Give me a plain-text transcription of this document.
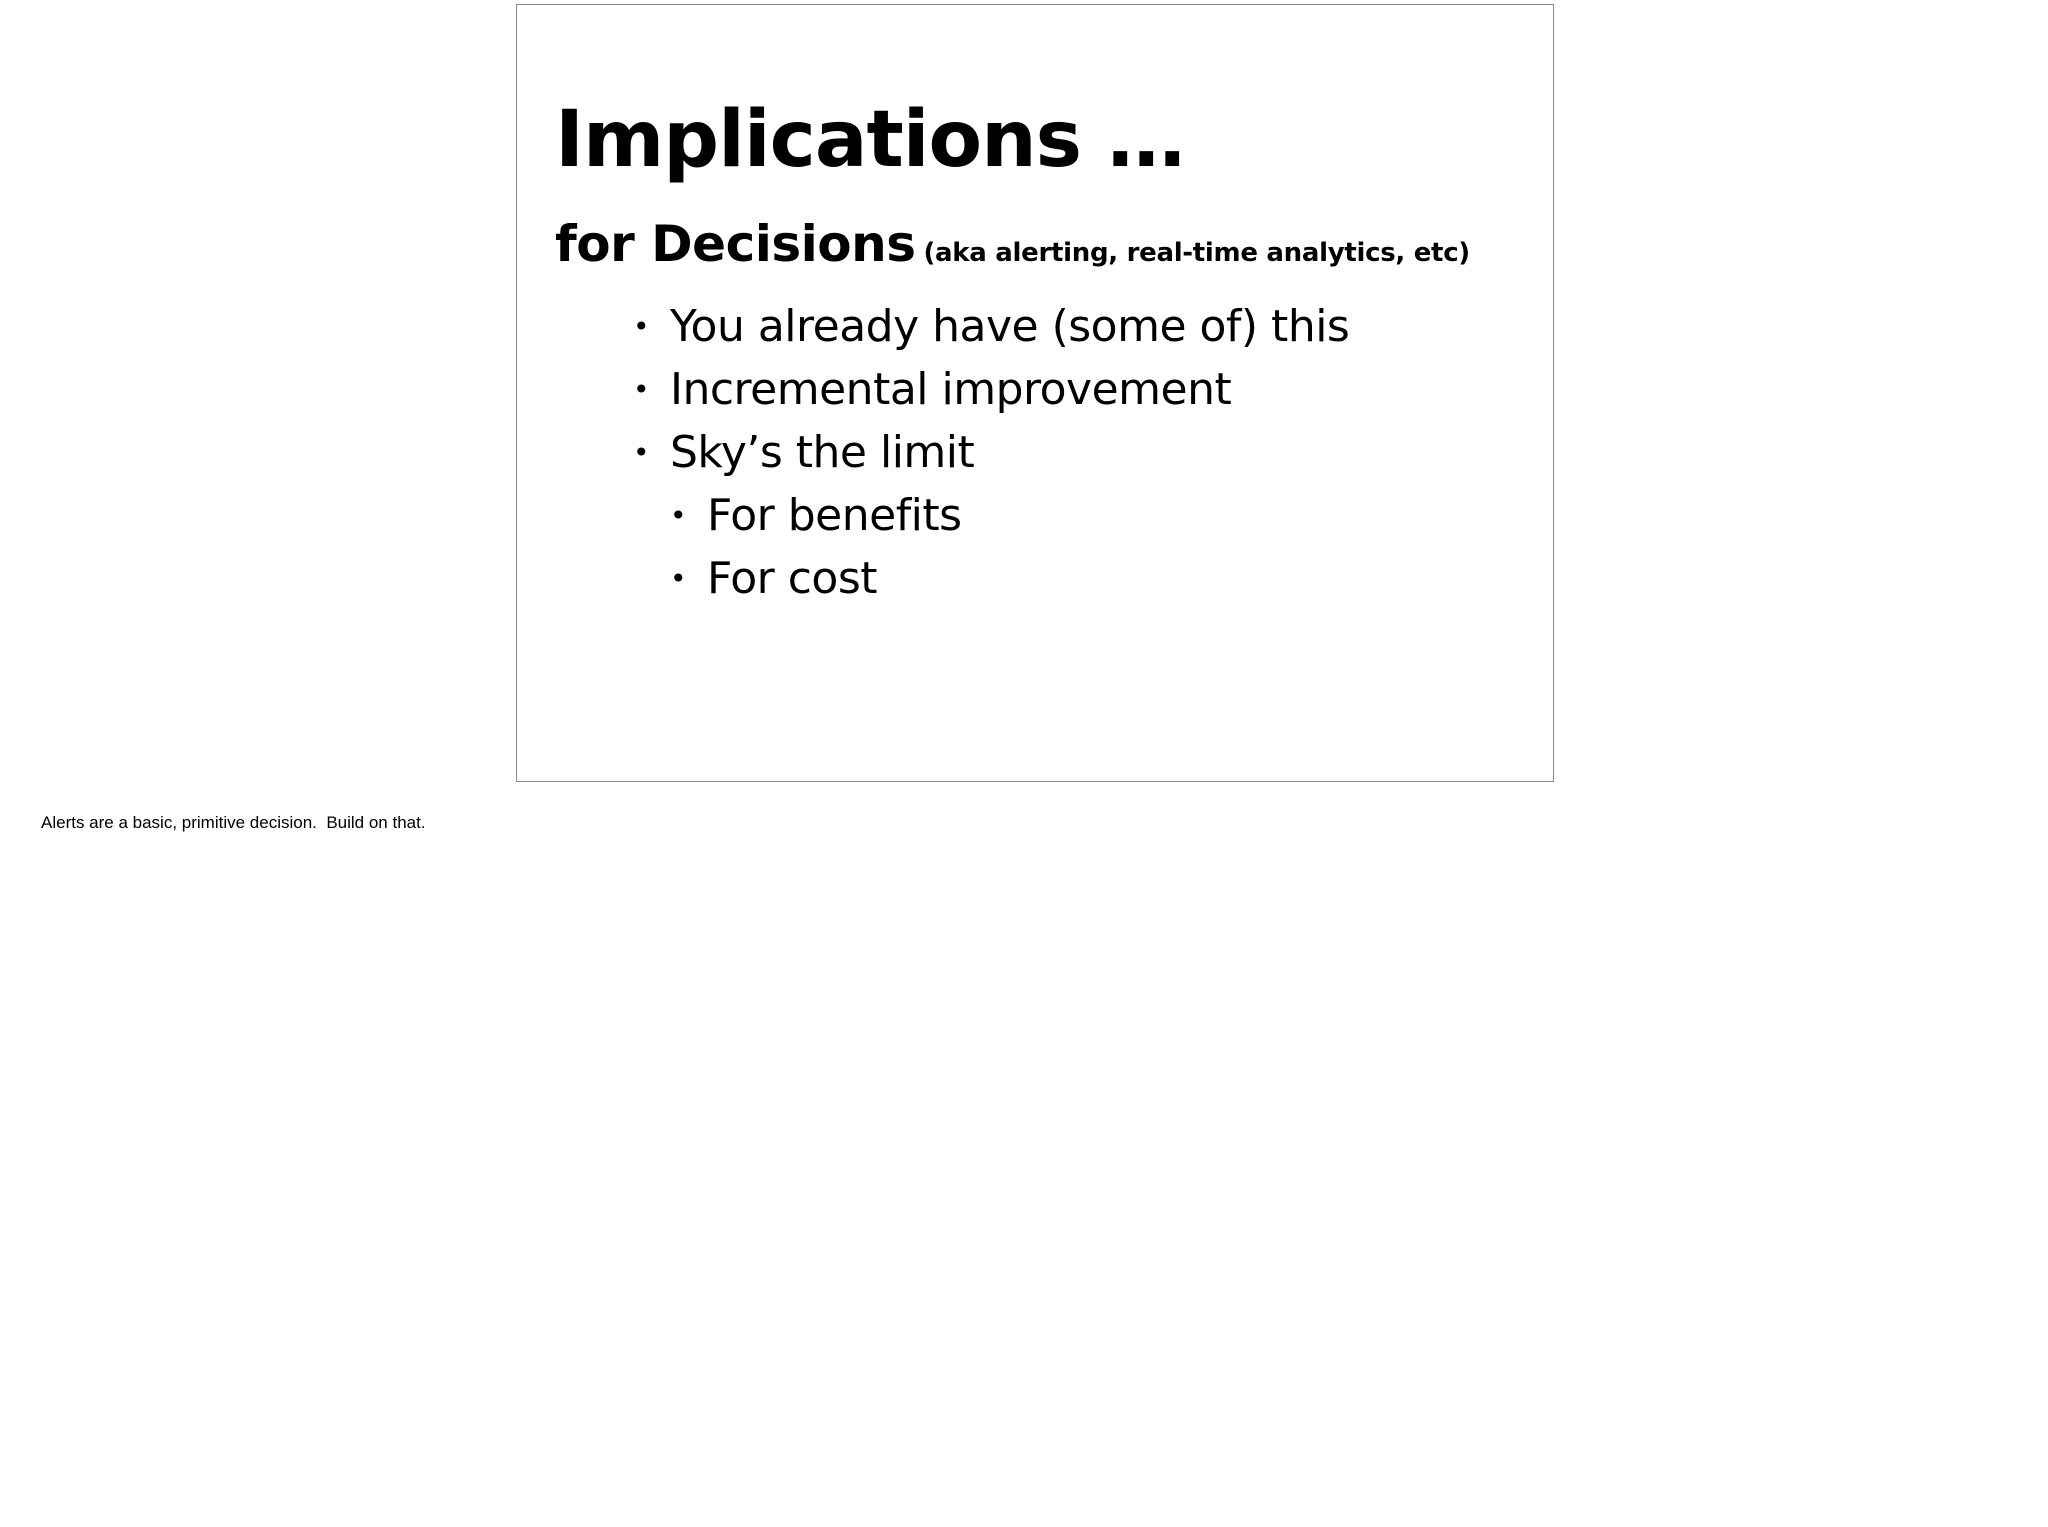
Implications …
for Decisions (aka alerting, real-time analytics, etc)
• You already have (some of) this
• Incremental improvement
• Sky’s the limit
• For benefits
• For cost
Alerts are a basic, primitive decision.  Build on that.
